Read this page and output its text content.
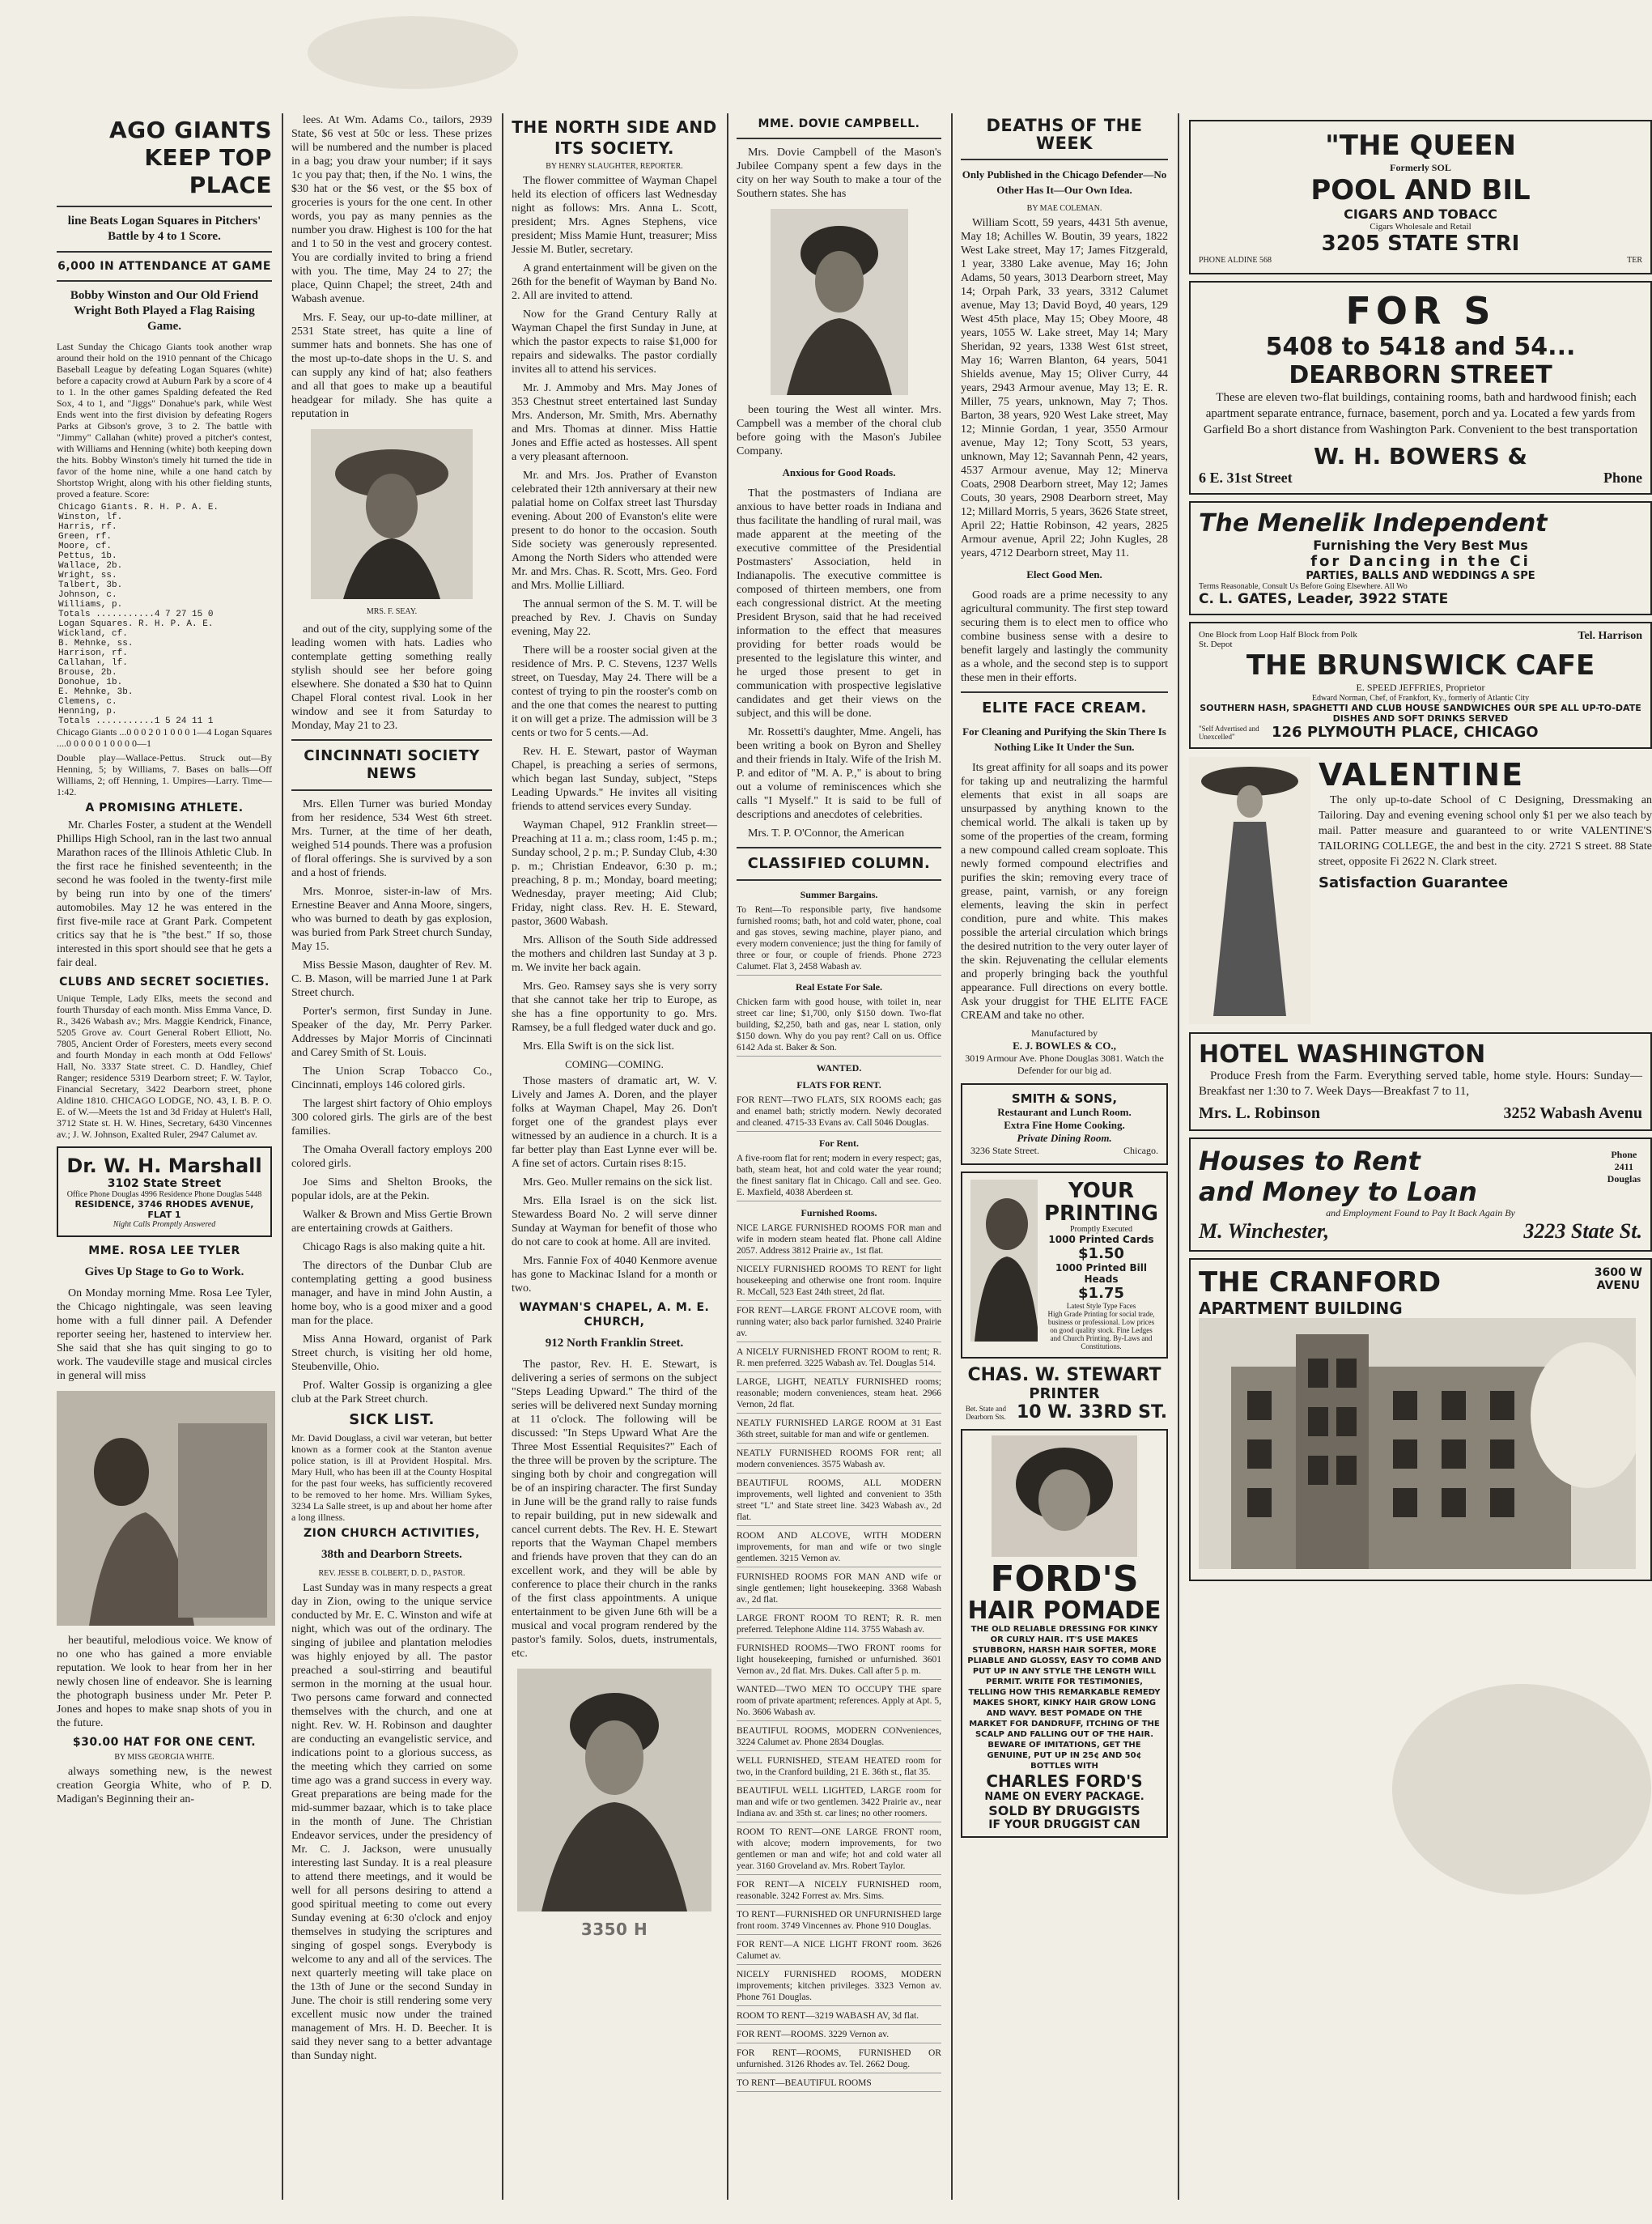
AGO GIANTS KEEP TOP PLACE
line Beats Logan Squares in Pitchers' Battle by 4 to 1 Score.
6,000 IN ATTENDANCE AT GAME
Bobby Winston and Our Old Friend Wright Both Played a Flag Raising Game.

Last Sunday the Chicago Giants took another wrap around their hold on the 1910 pennant of the Chicago Baseball League by defeating Logan Squares (white) before a capacity crowd at Auburn Park by a score of 4 to 1. In the other games Spalding defeated the Red Sox, 4 to 1, and "Jiggs" Donahue's park, while West Ends went into the first division by defeating Rogers Parks at Gibson's grove, 3 to 2. The battle with "Jimmy" Callahan (white) proved a pitcher's contest, with Williams and Henning (white) both keeping down the hits. Bobby Winston's timely hit turned the tide in favor of the home nine, while a one hand catch by Shortstop Wright, along with his other fielding stunts, proved a feature. Score:

Chicago Giants. R. H. P. A. E.
Winston, lf.
Harris, rf.
Green, rf.
Moore, cf.
Pettus, 1b.
Wallace, 2b.
Wright, ss.
Talbert, 3b.
Johnson, c.
Williams, p.
Totals ...........4 7 27 15 0
Logan Squares. R. H. P. A. E.
Wickland, cf.
B. Mehnke, ss.
Harrison, rf.
Callahan, lf.
Brouse, 2b.
Donohue, 1b.
E. Mehnke, 3b.
Clemens, c.
Henning, p.
Totals ...........1 5 24 11 1

Chicago Giants ...0 0 0 2 0 1 0 0 0 1—4 Logan Squares ....0 0 0 0 0 1 0 0 0 0—1

Double play—Wallace-Pettus. Struck out—By Henning, 5; by Williams, 7. Bases on balls—Off Williams, 2; off Henning, 1. Umpires—Larry. Time—1:42.

A PROMISING ATHLETE.

Mr. Charles Foster, a student at the Wendell Phillips High School, ran in the last two annual Marathon races of the Illinois Athletic Club. In the first race he finished seventeenth; in the second he was fooled in the twenty-first mile by being run into by one of the timers' automobiles. May 12 he was entered in the first five-mile race at Grant Park. Competent critics say that he is "the best." If so, those interested in this sport should see that he gets a fair deal.

CLUBS AND SECRET SOCIETIES.

Unique Temple, Lady Elks, meets the second and fourth Thursday of each month. Miss Emma Vance, D. R., 3426 Wabash av.; Mrs. Maggie Kendrick, Finance, 5205 Grove av. Court General Robert Elliott, No. 7805, Ancient Order of Foresters, meets every second and fourth Monday in each month at Odd Fellows' Hall, No. 3337 State street. C. D. Handley, Chief Ranger; residence 5319 Dearborn street; F. W. Taylor, Financial Secretary, 3422 Dearborn street, phone Aldine 1810. CHICAGO LODGE, NO. 43, I. B. P. O. E. of W.—Meets the 1st and 3d Friday at Hulett's Hall, 3712 State st. H. W. Hines, Secretary, 6430 Vincennes av.; J. W. Johnson, Exalted Ruler, 2947 Calumet av.

Dr. W. H. Marshall
3102 State Street
Office Phone Douglas 4996 Residence Phone Douglas 5448
RESIDENCE, 3746 RHODES AVENUE, FLAT 1
Night Calls Promptly Answered
MME. ROSA LEE TYLER
Gives Up Stage to Go to Work.

On Monday morning Mme. Rosa Lee Tyler, the Chicago nightingale, was seen leaving home with a full dinner pail. A Defender reporter seeing her, hastened to interview her. She said that she has quit singing to go to work. The vaudeville stage and musical circles in general will miss

her beautiful, melodious voice. We know of no one who has gained a more enviable reputation. We look to hear from her in her newly chosen line of endeavor. She is learning the photograph business under Mr. Peter P. Jones and hopes to make snap shots of you in the future.

$30.00 HAT FOR ONE CENT.
BY MISS GEORGIA WHITE.

always something new, is the newest creation Georgia White, who of P. D. Madigan's Beginning their an-

lees. At Wm. Adams Co., tailors, 2939 State, $6 vest at 50c or less. These prizes will be numbered and the number is placed in a bag; you draw your number; if it says 1c you pay that; then, if the No. 1 wins, the $30 hat or the $6 vest, or the $5 box of groceries is yours for the one cent. In other words, you pay as many pennies as the number you draw. Highest is 100 for the hat and 1 to 50 in the vest and grocery contest. You are cordially invited to bring a friend with you. The time, May 24 to 27; the place, Quinn Chapel; the street, 24th and Wabash avenue.

Mrs. F. Seay, our up-to-date milliner, at 2531 State street, has quite a line of summer hats and bonnets. She has one of the most up-to-date shops in the U. S. and can supply any kind of hat; also feathers and all that goes to make up a beautiful headgear for milady. She has quite a reputation in

MRS. F. SEAY.

and out of the city, supplying some of the leading women with hats. Ladies who contemplate getting something really stylish should see her before going elsewhere. She donated a $30 hat to Quinn Chapel Floral contest rival. Look in her window and see it from Saturday to Monday, May 21 to 23.

CINCINNATI SOCIETY NEWS

Mrs. Ellen Turner was buried Monday from her residence, 534 West 6th street. Mrs. Turner, at the time of her death, weighed 514 pounds. There was a profusion of floral offerings. She is survived by a son and a host of friends.

Mrs. Monroe, sister-in-law of Mrs. Ernestine Beaver and Anna Moore, singers, who was burned to death by gas explosion, was buried from Park Street church Sunday, May 15.

Miss Bessie Mason, daughter of Rev. M. C. B. Mason, will be married June 1 at Park Street church.

Porter's sermon, first Sunday in June. Speaker of the day, Mr. Perry Parker. Addresses by Major Morris of Cincinnati and Carey Smith of St. Louis.

The Union Scrap Tobacco Co., Cincinnati, employs 146 colored girls.

The largest shirt factory of Ohio employs 300 colored girls. The girls are of the best families.

The Omaha Overall factory employs 200 colored girls.

Joe Sims and Shelton Brooks, the popular idols, are at the Pekin.

Walker & Brown and Miss Gertie Brown are entertaining crowds at Gaithers.

Chicago Rags is also making quite a hit.

The directors of the Dunbar Club are contemplating getting a good business manager, and have in mind John Austin, a home boy, who is a good mixer and a good man for the place.

Miss Anna Howard, organist of Park Street church, is visiting her old home, Steubenville, Ohio.

Prof. Walter Gossip is organizing a glee club at the Park Street church.

SICK LIST.

Mr. David Douglass, a civil war veteran, but better known as a former cook at the Stanton avenue police station, is ill at Provident Hospital. Mrs. Mary Hull, who has been ill at the County Hospital for the past four weeks, has sufficiently recovered to be removed to her home. Mrs. William Sykes, 3234 La Salle street, is up and about her home after a long illness.

ZION CHURCH ACTIVITIES,
38th and Dearborn Streets.
REV. JESSE B. COLBERT, D. D., PASTOR.

Last Sunday was in many respects a great day in Zion, owing to the unique service conducted by Mr. E. C. Winston and wife at night, which was out of the ordinary. The singing of jubilee and plantation melodies was highly enjoyed by all. The pastor preached a soul-stirring and beautiful sermon in the morning at the usual hour. Two persons came forward and connected themselves with the church, and one at night. Rev. W. H. Robinson and daughter are conducting an evangelistic service, and indications point to a glorious success, as the meeting which they carried on some time ago was a grand success in every way. Great preparations are being made for the mid-summer bazaar, which is to take place in the month of June. The Christian Endeavor services, under the presidency of Mr. C. J. Jackson, were unusually interesting last Sunday. It is a real pleasure to attend there meetings, and it would be well for all persons desiring to attend a good spiritual meeting to come out every Sunday evening at 6:30 o'clock and enjoy themselves in studying the scriptures and singing of gospel songs. Everybody is welcome to any and all of the services. The next quarterly meeting will take place on the 13th of June or the second Sunday in June. The choir is still rendering some very excellent music now under the trained management of Mrs. H. D. Beecher. It is said they never sang to a better advantage than Sunday night.

THE NORTH SIDE AND ITS SOCIETY.
BY HENRY SLAUGHTER, REPORTER.

The flower committee of Wayman Chapel held its election of officers last Wednesday night as follows: Mrs. Anna L. Scott, president; Mrs. Agnes Stephens, vice president; Miss Mamie Hunt, treasurer; Miss Jessie M. Butler, secretary.

A grand entertainment will be given on the 26th for the benefit of Wayman by Band No. 2. All are invited to attend.

Now for the Grand Century Rally at Wayman Chapel the first Sunday in June, at which the pastor expects to raise $1,000 for repairs and sidewalks. The pastor cordially invites all to attend his services.

Mr. J. Ammoby and Mrs. May Jones of 353 Chestnut street entertained last Sunday Mrs. Anderson, Mr. Smith, Mrs. Abernathy and Mrs. Thomas at dinner. Miss Hattie Jones and Effie acted as hostesses. All spent a very pleasant afternoon.

Mr. and Mrs. Jos. Prather of Evanston celebrated their 12th anniversary at their new palatial home on Colfax street last Thursday evening. About 200 of Evanston's elite were present to do honor to the occasion. South Side society was generously represented. Among the North Siders who attended were Mr. and Mrs. Chas. R. Scott, Mrs. Geo. Ford and Mrs. Mollie Lilliard.

The annual sermon of the S. M. T. will be preached by Rev. J. Chavis on Sunday evening, May 22.

There will be a rooster social given at the residence of Mrs. P. C. Stevens, 1237 Wells street, on Tuesday, May 24. There will be a contest of trying to pin the rooster's comb on and the one that comes the nearest to putting it on will get a prize. The admission will be 3 cents or two for 5 cents.—Ad.

Rev. H. E. Stewart, pastor of Wayman Chapel, is preaching a series of sermons, which began last Sunday, subject, "Steps Leading Upwards." He invites all visiting friends to attend services every Sunday.

Wayman Chapel, 912 Franklin street—Preaching at 11 a. m.; class room, 1:45 p. m.; Sunday school, 2 p. m.; P. Sunday Club, 4:30 p. m.; Christian Endeavor, 6:30 p. m.; preaching, 8 p. m.; Monday, board meeting; Wednesday, prayer meeting; Aid Club; Friday, night class. Rev. H. E. Steward, pastor, 3600 Wabash.

Mrs. Allison of the South Side addressed the mothers and children last Sunday at 3 p. m. We invite her back again.

Mrs. Geo. Ramsey says she is very sorry that she cannot take her trip to Europe, as she has a fine opportunity to go. Mrs. Ramsey, be a full fledged water duck and go.

Mrs. Ella Swift is on the sick list.

COMING—COMING.

Those masters of dramatic art, W. V. Lively and James A. Doren, and the player folks at Wayman Chapel, May 26. Don't forget one of the grandest plays ever witnessed by an audience in a church. It is a far better play than East Lynne ever will be. A fine set of actors. Curtain rises 8:15.

Mrs. Geo. Muller remains on the sick list.

Mrs. Ella Israel is on the sick list. Stewardess Board No. 2 will serve dinner Sunday at Wayman for benefit of those who do not care to cook at home. All are invited.

Mrs. Fannie Fox of 4040 Kenmore avenue has gone to Mackinac Island for a month or two.

WAYMAN'S CHAPEL, A. M. E. CHURCH,
912 North Franklin Street.

The pastor, Rev. H. E. Stewart, is delivering a series of sermons on the subject "Steps Leading Upward." The third of the series will be delivered next Sunday morning at 11 o'clock. The following will be discussed: "In Steps Upward What Are the Three Most Essential Requisites?" Each of the three will be proven by the scripture. The singing both by choir and congregation will be of an inspiring character. The first Sunday in June will be the grand rally to raise funds to repair building, put in new sidewalk and cancel current debts. The Rev. H. E. Stewart reports that the Wayman Chapel members and friends have proven that they can do an excellent work, and they will be able by conference to place their church in the ranks of the first class appointments. A unique entertainment to be given June 6th will be a musical and vocal program rendered by the pastor's family. Solos, duets, instrumentals, etc.

3350 H
MME. DOVIE CAMPBELL.

Mrs. Dovie Campbell of the Mason's Jubilee Company spent a few days in the city on her way South to make a tour of the Southern states. She has

been touring the West all winter. Mrs. Campbell was a member of the choral club before going with the Mason's Jubilee Company.

Anxious for Good Roads.

That the postmasters of Indiana are anxious to have better roads in Indiana and thus facilitate the handling of rural mail, was made apparent at the meeting of the executive committee of the Presidential Postmasters' Association, held in Indianapolis. The executive committee is composed of thirteen members, one from each congressional district. At the meeting President Bryson, said that he had received information to the effect that measures providing for better roads would be presented to the legislature this winter, and he urged those present to get in communication with prospective legislative candidates and get their views on the subject, and this will be done.

Mr. Rossetti's daughter, Mme. Angeli, has been writing a book on Byron and Shelley and their friends in Italy. Wife of the Irish M. P. and editor of "M. A. P.," is about to bring out a volume of reminiscences which she calls "I Myself." It is said to be full of descriptions and anecdotes of celebrities.

Mrs. T. P. O'Connor, the American

CLASSIFIED COLUMN.
Summer Bargains.

To Rent—To responsible party, five handsome furnished rooms; bath, hot and cold water, phone, coal and gas stoves, sewing machine, player piano, and every modern convenience; just the thing for family of three or four, or couple of friends. Phone 2723 Calumet. Flat 3, 2458 Wabash av.

Real Estate For Sale.

Chicken farm with good house, with toilet in, near street car line; $1,700, only $150 down. Two-flat building, $2,250, bath and gas, near L station, only $150 down. Why do you pay rent? Call on us. Office 6142 Ada st. Baker & Son.

WANTED.
FLATS FOR RENT.

FOR RENT—TWO FLATS, SIX ROOMS each; gas and enamel bath; strictly modern. Newly decorated and cleaned. 4715-33 Evans av. Call 5046 Douglas.

For Rent.

A five-room flat for rent; modern in every respect; gas, bath, steam heat, hot and cold water the year round; the finest sanitary flat in Chicago. Call and see. Geo. E. Maxfield, 4038 Aberdeen st.

Furnished Rooms.

NICE LARGE FURNISHED ROOMS FOR man and wife in modern steam heated flat. Phone call Aldine 2057. Address 3812 Prairie av., 1st flat.

NICELY FURNISHED ROOMS TO RENT for light housekeeping and otherwise one front room. Inquire R. McCall, 523 East 24th street, 2d flat.

FOR RENT—LARGE FRONT ALCOVE room, with running water; also back parlor furnished. 3240 Prairie av.

A NICELY FURNISHED FRONT ROOM to rent; R. R. men preferred. 3225 Wabash av. Tel. Douglas 514.

LARGE, LIGHT, NEATLY FURNISHED rooms; reasonable; modern conveniences, steam heat. 2966 Vernon, 2d flat.

NEATLY FURNISHED LARGE ROOM at 31 East 36th street, suitable for man and wife or gentlemen.

NEATLY FURNISHED ROOMS FOR rent; all modern conveniences. 3575 Wabash av.

BEAUTIFUL ROOMS, ALL MODERN improvements, well lighted and convenient to 35th street "L" and State street line. 3423 Wabash av., 2d flat.

ROOM AND ALCOVE, WITH MODERN improvements, for man and wife or two single gentlemen. 3215 Vernon av.

FURNISHED ROOMS FOR MAN AND wife or single gentlemen; light housekeeping. 3368 Wabash av., 2d flat.

LARGE FRONT ROOM TO RENT; R. R. men preferred. Telephone Aldine 114. 3755 Wabash av.

FURNISHED ROOMS—TWO FRONT rooms for light housekeeping, furnished or unfurnished. 3601 Vernon av., 2d flat. Mrs. Dukes. Call after 5 p. m.

WANTED—TWO MEN TO OCCUPY THE spare room of private apartment; references. Apply at Apt. 5, No. 3606 Wabash av.

BEAUTIFUL ROOMS, MODERN CONveniences, 3224 Calumet av. Phone 2834 Douglas.

WELL FURNISHED, STEAM HEATED room for two, in the Cranford building, 21 E. 36th st., flat 35.

BEAUTIFUL WELL LIGHTED, LARGE room for man and wife or two gentlemen. 3422 Prairie av., near Indiana av. and 35th st. car lines; no other roomers.

ROOM TO RENT—ONE LARGE FRONT room, with alcove; modern improvements, for two gentlemen or man and wife; hot and cold water all year. 3160 Groveland av. Mrs. Robert Taylor.

FOR RENT—A NICELY FURNISHED room, reasonable. 3242 Forrest av. Mrs. Sims.

TO RENT—FURNISHED OR UNFURNISHED large front room. 3749 Vincennes av. Phone 910 Douglas.

FOR RENT—A NICE LIGHT FRONT room. 3626 Calumet av.

NICELY FURNISHED ROOMS, MODERN improvements; kitchen privileges. 3323 Vernon av. Phone 761 Douglas.

ROOM TO RENT—3219 WABASH AV, 3d flat.

FOR RENT—ROOMS. 3229 Vernon av.

FOR RENT—ROOMS, FURNISHED OR unfurnished. 3126 Rhodes av. Tel. 2662 Doug.

TO RENT—BEAUTIFUL ROOMS

DEATHS OF THE WEEK
Only Published in the Chicago Defender—No Other Has It—Our Own Idea.
BY MAE COLEMAN.

William Scott, 59 years, 4431 5th avenue, May 18; Achilles W. Boutin, 39 years, 1822 West Lake street, May 17; James Fitzgerald, 1 year, 3380 Lake avenue, May 16; John Adams, 50 years, 3013 Dearborn street, May 14; Orpah Park, 33 years, 3312 Calumet avenue, May 13; David Boyd, 40 years, 129 West 45th place, May 15; Obey Moore, 48 years, 1055 W. Lake street, May 14; Mary Sheridan, 92 years, 1338 West 61st street, May 16; Warren Blanton, 64 years, 5041 Shields avenue, May 15; Oliver Curry, 44 years, 2943 Armour avenue, May 13; E. R. Miller, 75 years, unknown, May 7; Thos. Barton, 38 years, 920 West Lake street, May 12; Minnie Gordan, 1 year, 3550 Armour avenue, May 12; Tony Scott, 53 years, unknown, May 12; Savannah Penn, 42 years, 4537 Armour avenue, May 12; Minerva Coats, 2908 Dearborn street, May 12; James Couts, 30 years, 2908 Dearborn street, May 12; Millard Morris, 5 years, 3626 State street, April 22; Hattie Robinson, 42 years, 2825 Armour avenue, April 22; John Kugles, 28 years, 4712 Dearborn street, May 11.

Elect Good Men.

Good roads are a prime necessity to any agricultural community. The first step toward securing them is to elect men to office who combine business sense with a desire to benefit largely and lastingly the community as a whole, and the second step is to support these men in their efforts.

ELITE FACE CREAM.
For Cleaning and Purifying the Skin There Is Nothing Like It Under the Sun.

Its great affinity for all soaps and its power for taking up and neutralizing the harmful elements that exist in all soaps are unsurpassed by anything known to the chemical world. The alkali is taken up by some of the properties of the cream, forming a new compound called cream soploate. This newly formed compound electrifies and purifies the skin; removing every trace of grease, paint, varnish, or any foreign elements, leaving the skin in perfect condition, pure and white. This makes possible the arterial circulation which brings the desired nutrition to the very outer layer of the skin. Rejuvenating the cellular elements and properly bringing back the youthful appearance. Full directions on every bottle. Ask your druggist for THE ELITE FACE CREAM and take no other.

Manufactured by
E. J. BOWLES & CO.,
3019 Armour Ave. Phone Douglas 3081. Watch the Defender for our big ad.
SMITH & SONS,
Restaurant and Lunch Room.
Extra Fine Home Cooking.
Private Dining Room.
3236 State Street.	Chicago.
YOUR PRINTING
Promptly Executed
1000 Printed Cards
$1.50
1000 Printed Bill Heads
$1.75
Latest Style Type Faces
High Grade Printing for social trade, business or professional. Low prices on good quality stock. Fine Ledges and Church Printing. By-Laws and Constitutions.
CHAS. W. STEWART
PRINTER
Bet. State and Dearborn Sts. 10 W. 33RD ST.
FORD'S
HAIR POMADE
THE OLD RELIABLE DRESSING FOR KINKY OR CURLY HAIR. IT'S USE MAKES STUBBORN, HARSH HAIR SOFTER, MORE PLIABLE AND GLOSSY, EASY TO COMB AND PUT UP IN ANY STYLE THE LENGTH WILL PERMIT. WRITE FOR TESTIMONIES, TELLING HOW THIS REMARKABLE REMEDY MAKES SHORT, KINKY HAIR GROW LONG AND WAVY. BEST POMADE ON THE MARKET FOR DANDRUFF, ITCHING OF THE SCALP AND FALLING OUT OF THE HAIR. BEWARE OF IMITATIONS, GET THE GENUINE, PUT UP IN 25¢ AND 50¢ BOTTLES WITH
CHARLES FORD'S
NAME ON EVERY PACKAGE.
SOLD BY DRUGGISTS
IF YOUR DRUGGIST CAN
"THE QUEEN
Formerly SOL
POOL AND BIL
CIGARS AND TOBACC
Cigars Wholesale and Retail
3205 STATE STRI
PHONE ALDINE 568	TER
FOR S
5408 to 5418 and 54...
DEARBORN STREET

These are eleven two-flat buildings, containing rooms, bath and hardwood finish; each apartment separate entrance, furnace, basement, porch and ya. Located a few yards from Garfield Bo a short distance from Washington Park. Convenient to the best transportation

W. H. BOWERS &
6 E. 31st Street	Phone
The Menelik Independent
Furnishing the Very Best Mus
for Dancing in the Ci
PARTIES, BALLS AND WEDDINGS A SPE
Terms Reasonable, Consult Us Before Going Elsewhere. All Wo
C. L. GATES, Leader, 3922 STATE
One Block from Loop Half Block from Polk St. Depot
Tel. Harrison
THE BRUNSWICK CAFE
E. SPEED JEFFRIES, Proprietor
Edward Norman, Chef, of Frankfort, Ky., formerly of Atlantic City
SOUTHERN HASH, SPAGHETTI AND CLUB HOUSE SANDWICHES OUR SPE ALL UP-TO-DATE DISHES AND SOFT DRINKS SERVED
"Self Advertised and Unexcelled"	126 PLYMOUTH PLACE, CHICAGO
VALENTINE

The only up-to-date School of C Designing, Dressmaking an Tailoring. Day and evening evening school only $1 per we also teach by mail. Patter measure and guaranteed to or write VALENTINE'S TAILORING COLLEGE, the and best in the city. 2721 S street. 88 State street, opposite Fi 2622 N. Clark street.

Satisfaction Guarantee
HOTEL WASHINGTON

Produce Fresh from the Farm. Everything served table, home style. Hours: Sunday—Breakfast ner 1:30 to 7. Week Days—Breakfast 7 to 11,

Mrs. L. Robinson	3252 Wabash Avenu
Houses to Rent
and Money to Loan
Phone
2411
Douglas
and Employment Found to Pay It Back Again By
M. Winchester,	3223 State St.
THE CRANFORD
APARTMENT BUILDING
3600 W
AVENU
